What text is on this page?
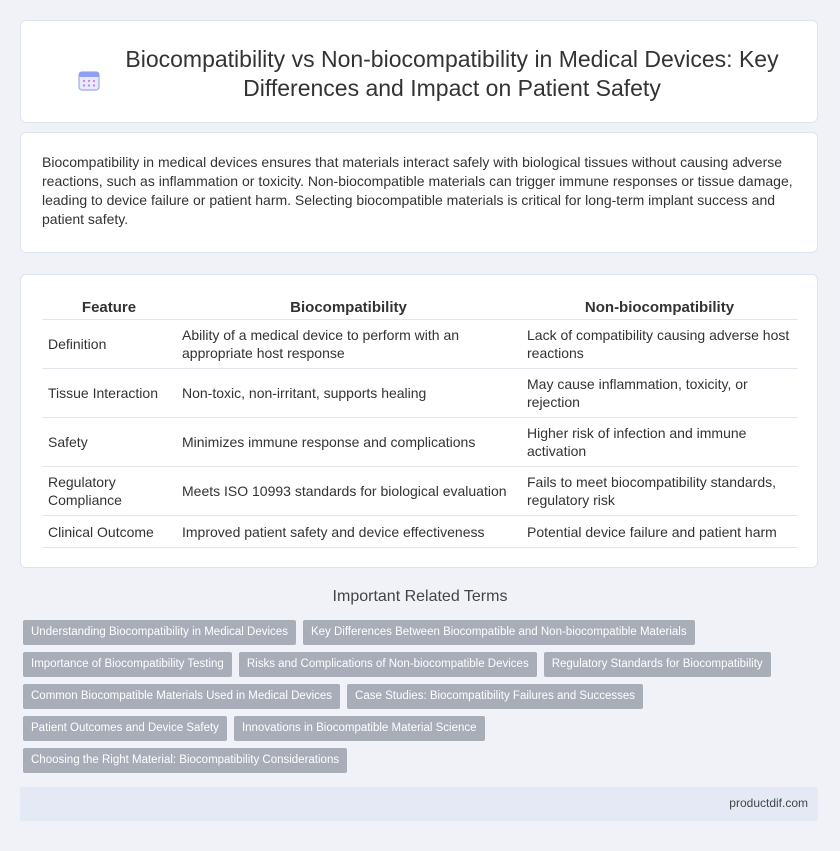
Biocompatibility vs Non-biocompatibility in Medical Devices: Key Differences and Impact on Patient Safety
Biocompatibility in medical devices ensures that materials interact safely with biological tissues without causing adverse reactions, such as inflammation or toxicity. Non-biocompatible materials can trigger immune responses or tissue damage, leading to device failure or patient harm. Selecting biocompatible materials is critical for long-term implant success and patient safety.
Feature	Biocompatibility	Non-biocompatibility
Definition	Ability of a medical device to perform with an appropriate host response	Lack of compatibility causing adverse host reactions
Tissue Interaction	Non-toxic, non-irritant, supports healing	May cause inflammation, toxicity, or rejection
Safety	Minimizes immune response and complications	Higher risk of infection and immune activation
Regulatory Compliance	Meets ISO 10993 standards for biological evaluation	Fails to meet biocompatibility standards, regulatory risk
Clinical Outcome	Improved patient safety and device effectiveness	Potential device failure and patient harm
Important Related Terms
Understanding Biocompatibility in Medical Devices	Key Differences Between Biocompatible and Non-biocompatible Materials
Importance of Biocompatibility Testing	Risks and Complications of Non-biocompatible Devices	Regulatory Standards for Biocompatibility
Common Biocompatible Materials Used in Medical Devices	Case Studies: Biocompatibility Failures and Successes
Patient Outcomes and Device Safety	Innovations in Biocompatible Material Science
Choosing the Right Material: Biocompatibility Considerations
productdif.com
